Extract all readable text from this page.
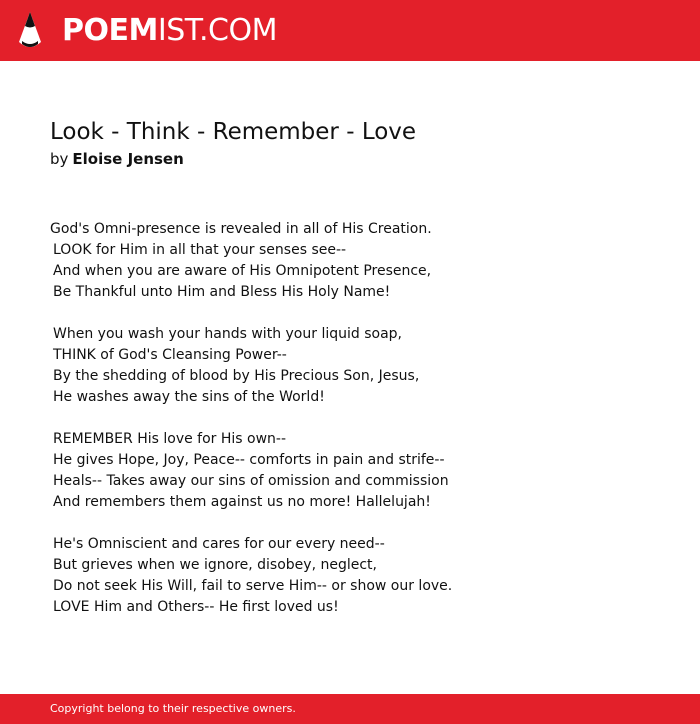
POEMIST.COM
Look - Think - Remember - Love
by Eloise Jensen
God's Omni-presence is revealed in all of His Creation.
LOOK for Him in all that your senses see--
And when you are aware of His Omnipotent Presence,
Be Thankful unto Him and Bless His Holy Name!
When you wash your hands with your liquid soap,
THINK of God's Cleansing Power--
By the shedding of blood by His Precious Son, Jesus,
He washes away the sins of the World!
REMEMBER His love for His own--
He gives Hope, Joy, Peace-- comforts in pain and strife--
Heals-- Takes away our sins of omission and commission
And remembers them against us no more! Hallelujah!
He's Omniscient and cares for our every need--
But grieves when we ignore, disobey, neglect,
Do not seek His Will, fail to serve Him-- or show our love.
LOVE Him and Others-- He first loved us!
Copyright belong to their respective owners.
